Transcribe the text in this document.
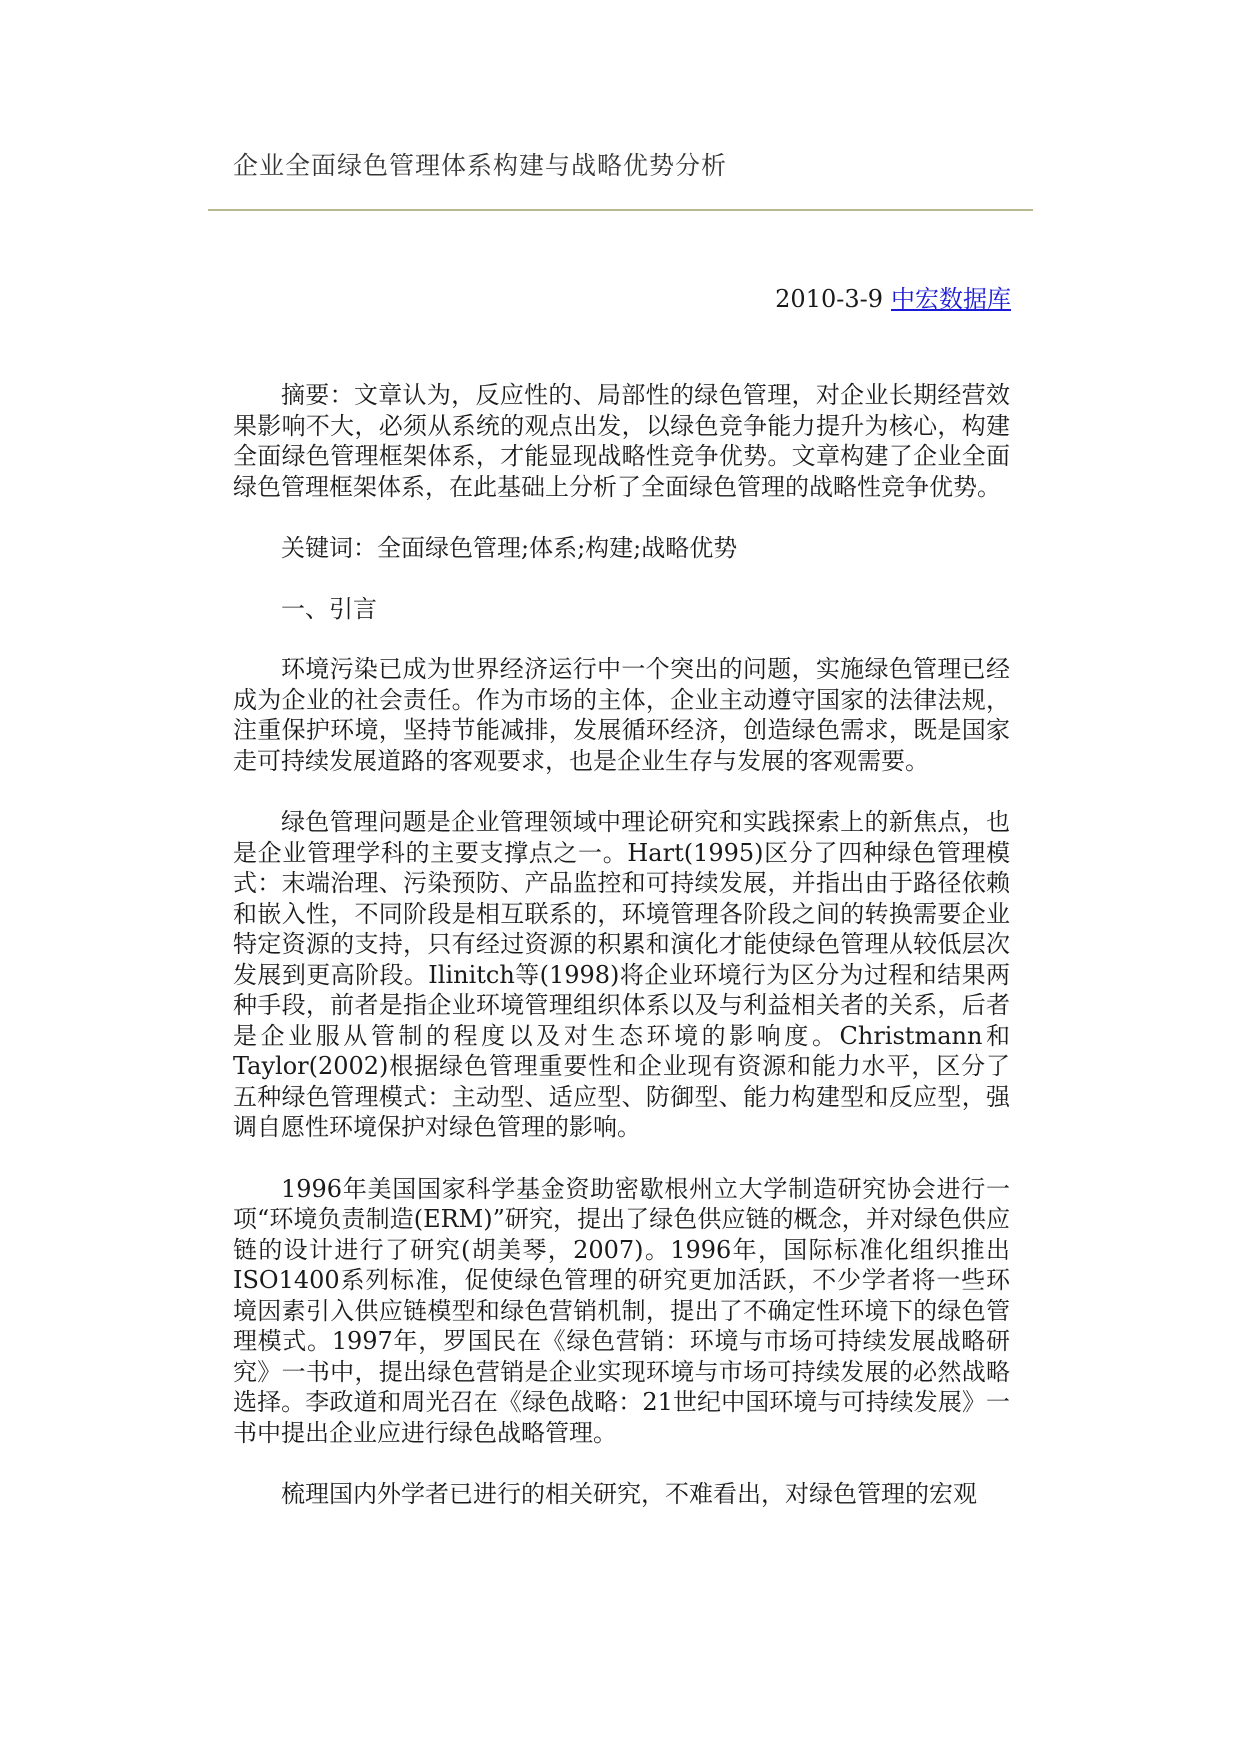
企业全面绿色管理体系构建与战略优势分析
2010-3-9 中宏数据库

摘要：文章认为，反应性的、局部性的绿色管理，对企业长期经营效果影响不大，必须从系统的观点出发，以绿色竞争能力提升为核心，构建全面绿色管理框架体系，才能显现战略性竞争优势。文章构建了企业全面绿色管理框架体系，在此基础上分析了全面绿色管理的战略性竞争优势。

关键词：全面绿色管理;体系;构建;战略优势

一、引言

环境污染已成为世界经济运行中一个突出的问题，实施绿色管理已经成为企业的社会责任。作为市场的主体，企业主动遵守国家的法律法规，注重保护环境，坚持节能减排，发展循环经济，创造绿色需求，既是国家走可持续发展道路的客观要求，也是企业生存与发展的客观需要。

绿色管理问题是企业管理领域中理论研究和实践探索上的新焦点，也是企业管理学科的主要支撑点之一。Hart(1995)区分了四种绿色管理模式：末端治理、污染预防、产品监控和可持续发展，并指出由于路径依赖和嵌入性，不同阶段是相互联系的，环境管理各阶段之间的转换需要企业特定资源的支持，只有经过资源的积累和演化才能使绿色管理从较低层次发展到更高阶段。Ilinitch等(1998)将企业环境行为区分为过程和结果两种手段，前者是指企业环境管理组织体系以及与利益相关者的关系，后者是企业服从管制的程度以及对生态环境的影响度。Christmann和Taylor(2002)根据绿色管理重要性和企业现有资源和能力水平，区分了五种绿色管理模式：主动型、适应型、防御型、能力构建型和反应型，强调自愿性环境保护对绿色管理的影响。

1996年美国国家科学基金资助密歇根州立大学制造研究协会进行一项“环境负责制造(ERM)”研究，提出了绿色供应链的概念，并对绿色供应链的设计进行了研究(胡美琴，2007)。1996年，国际标准化组织推出ISO1400系列标准，促使绿色管理的研究更加活跃，不少学者将一些环境因素引入供应链模型和绿色营销机制，提出了不确定性环境下的绿色管理模式。1997年，罗国民在《绿色营销：环境与市场可持续发展战略研究》一书中，提出绿色营销是企业实现环境与市场可持续发展的必然战略选择。李政道和周光召在《绿色战略：21世纪中国环境与可持续发展》一书中提出企业应进行绿色战略管理。

梳理国内外学者已进行的相关研究，不难看出，对绿色管理的宏观
